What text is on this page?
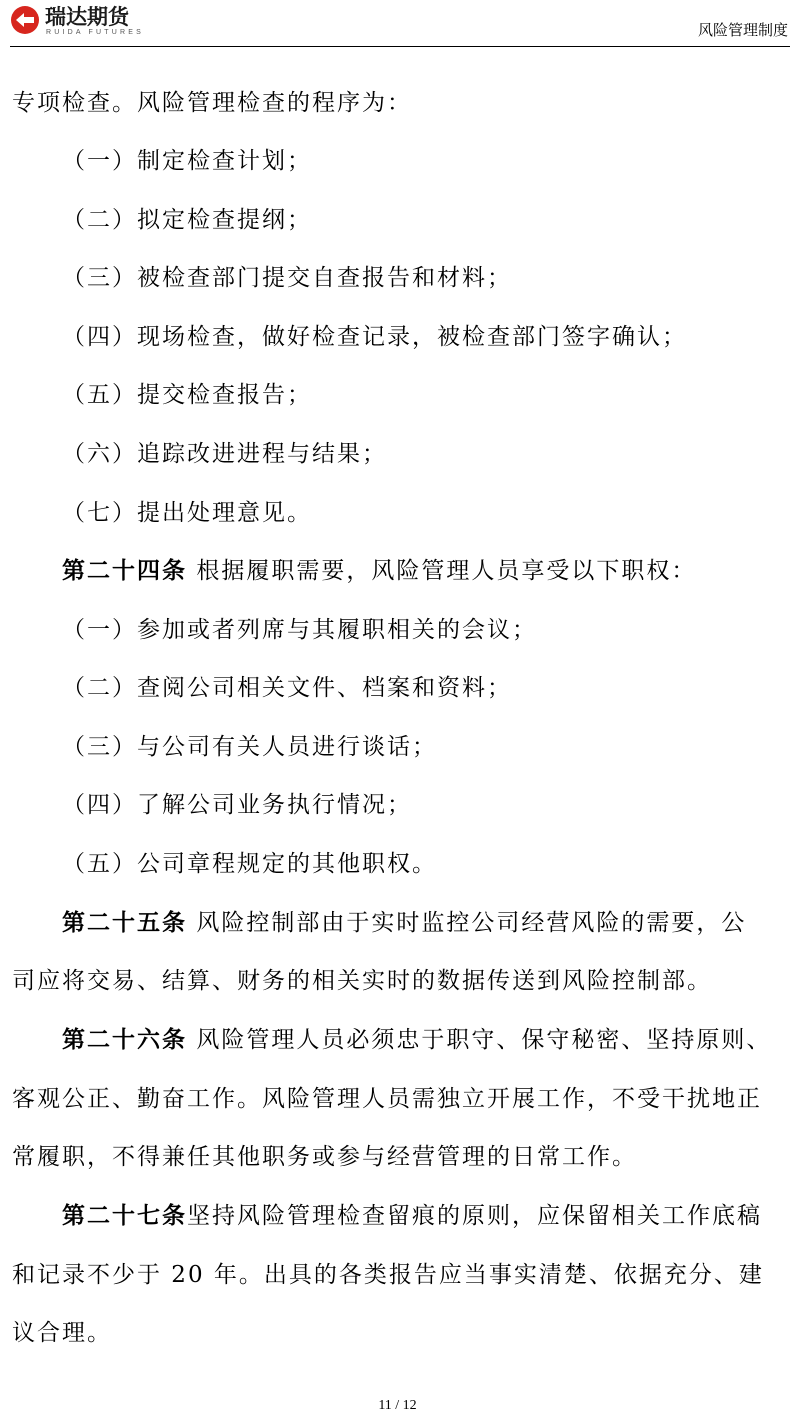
瑞达期货
RUIDA FUTURES	风险管理制度
专项检查。风险管理检查的程序为：
（一）制定检查计划；
（二）拟定检查提纲；
（三）被检查部门提交自查报告和材料；
（四）现场检查，做好检查记录，被检查部门签字确认；
（五）提交检查报告；
（六）追踪改进进程与结果；
（七）提出处理意见。
第二十四条 根据履职需要，风险管理人员享受以下职权：
（一）参加或者列席与其履职相关的会议；
（二）查阅公司相关文件、档案和资料；
（三）与公司有关人员进行谈话；
（四）了解公司业务执行情况；
（五）公司章程规定的其他职权。
第二十五条 风险控制部由于实时监控公司经营风险的需要，公
司应将交易、结算、财务的相关实时的数据传送到风险控制部。
第二十六条 风险管理人员必须忠于职守、保守秘密、坚持原则、
客观公正、勤奋工作。风险管理人员需独立开展工作，不受干扰地正
常履职，不得兼任其他职务或参与经营管理的日常工作。
第二十七条坚持风险管理检查留痕的原则，应保留相关工作底稿
和记录不少于 20 年。出具的各类报告应当事实清楚、依据充分、建
议合理。
11 / 12
